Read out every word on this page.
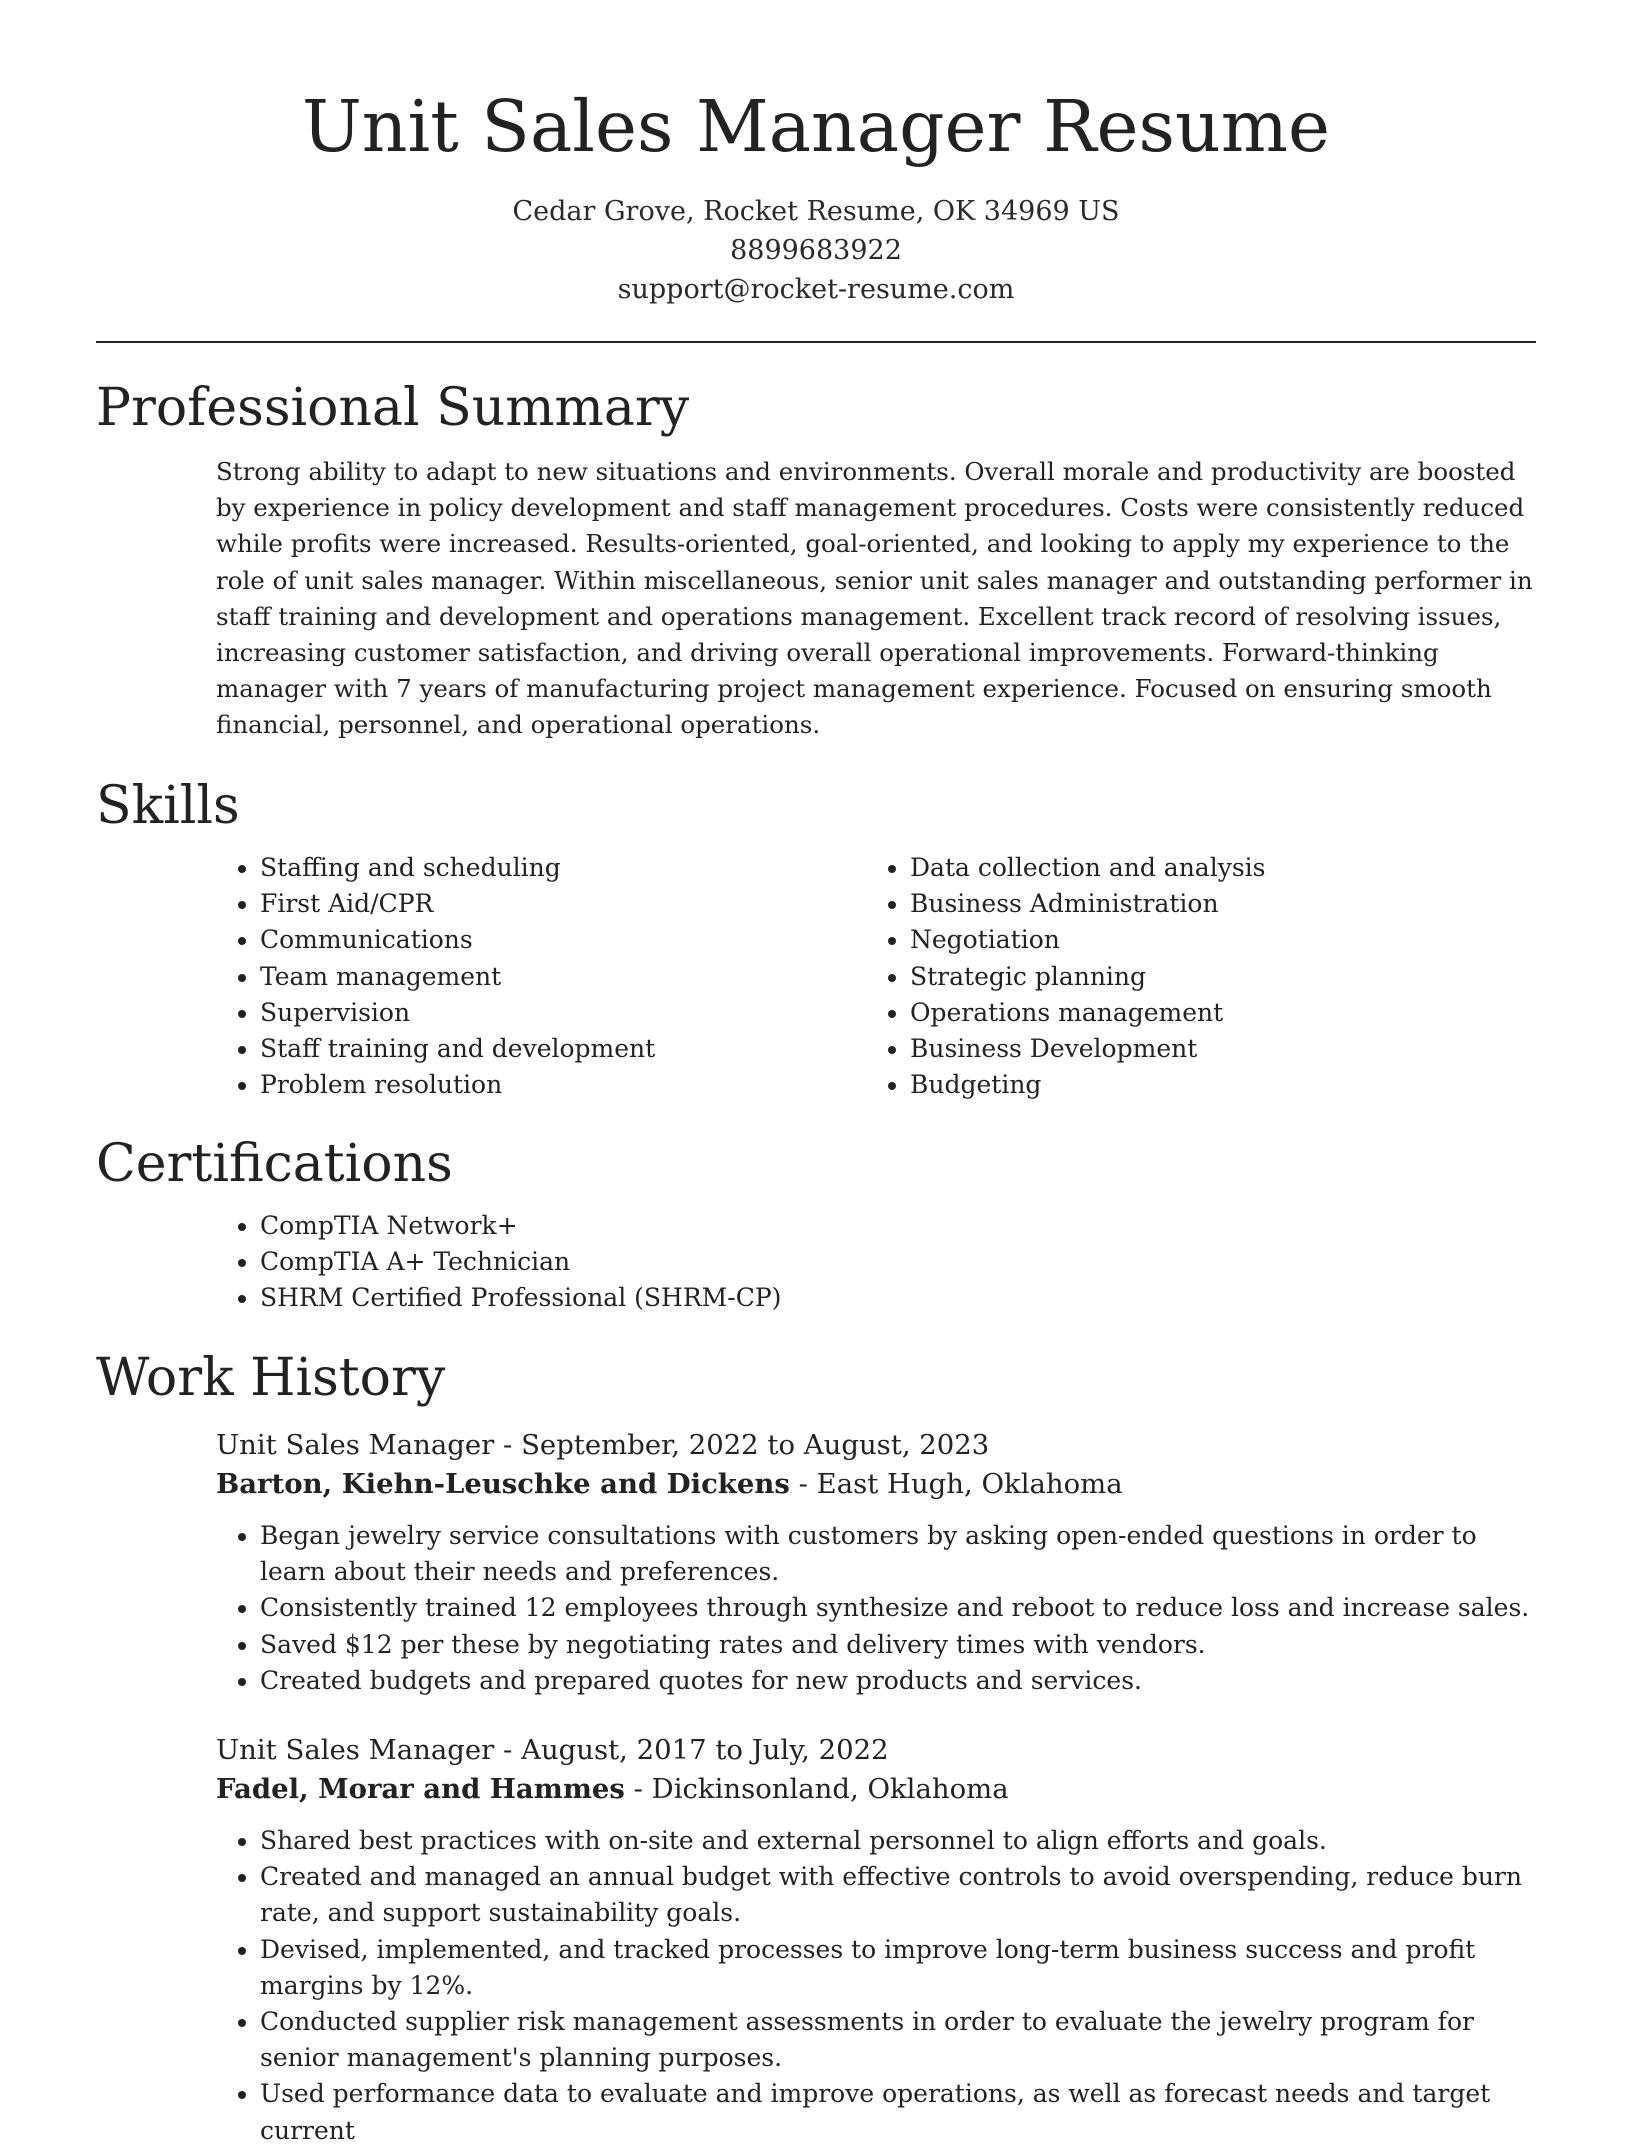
Unit Sales Manager Resume
Cedar Grove, Rocket Resume, OK 34969 US
8899683922
support@rocket-resume.com
Professional Summary
Strong ability to adapt to new situations and environments. Overall morale and productivity are boosted by experience in policy development and staff management procedures. Costs were consistently reduced while profits were increased. Results-oriented, goal-oriented, and looking to apply my experience to the role of unit sales manager. Within miscellaneous, senior unit sales manager and outstanding performer in staff training and development and operations management. Excellent track record of resolving issues, increasing customer satisfaction, and driving overall operational improvements. Forward-thinking manager with 7 years of manufacturing project management experience. Focused on ensuring smooth financial, personnel, and operational operations.
Skills
• Staffing and scheduling
• First Aid/CPR
• Communications
• Team management
• Supervision
• Staff training and development
• Problem resolution
• Data collection and analysis
• Business Administration
• Negotiation
• Strategic planning
• Operations management
• Business Development
• Budgeting
Certifications
• CompTIA Network+
• CompTIA A+ Technician
• SHRM Certified Professional (SHRM-CP)
Work History
Unit Sales Manager - September, 2022 to August, 2023
Barton, Kiehn-Leuschke and Dickens - East Hugh, Oklahoma
• Began jewelry service consultations with customers by asking open-ended questions in order to learn about their needs and preferences.
• Consistently trained 12 employees through synthesize and reboot to reduce loss and increase sales.
• Saved $12 per these by negotiating rates and delivery times with vendors.
• Created budgets and prepared quotes for new products and services.
Unit Sales Manager - August, 2017 to July, 2022
Fadel, Morar and Hammes - Dickinsonland, Oklahoma
• Shared best practices with on-site and external personnel to align efforts and goals.
• Created and managed an annual budget with effective controls to avoid overspending, reduce burn rate, and support sustainability goals.
• Devised, implemented, and tracked processes to improve long-term business success and profit margins by 12%.
• Conducted supplier risk management assessments in order to evaluate the jewelry program for senior management's planning purposes.
• Used performance data to evaluate and improve operations, as well as forecast needs and target current
